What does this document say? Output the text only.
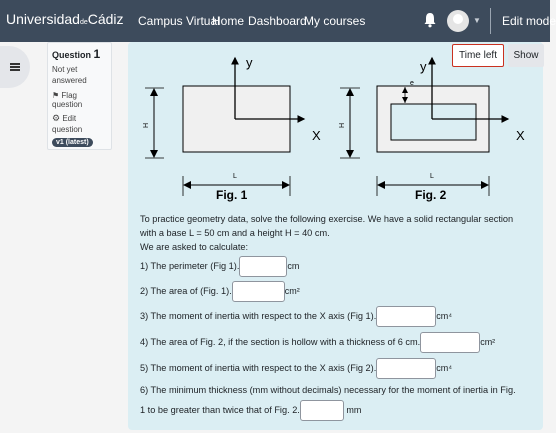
UniversidaddeCádiz Campus Virtual
Home Dashboard
My courses	▼ Edit mode
Question 1
Not yet answered
⚑ Flag question
⚙ Edit question
v1 (latest)
Time left	Show
y
X
H
L
Fig. 1
y
X
e
H
L
Fig. 2
To practice geometry data, solve the following exercise. We have a solid rectangular section
with a base L = 50 cm and a height H = 40 cm.
We are asked to calculate:
1) The perimeter (Fig 1).	cm
2) The area of (Fig. 1).	cm²
3) The moment of inertia with respect to the X axis (Fig 1).	cm⁴
4) The area of Fig. 2, if the section is hollow with a thickness of 6 cm.	cm²
5) The moment of inertia with respect to the X axis (Fig 2).	cm⁴
6) The minimum thickness (mm without decimals) necessary for the moment of inertia in Fig.
1 to be greater than twice that of Fig. 2.	mm
